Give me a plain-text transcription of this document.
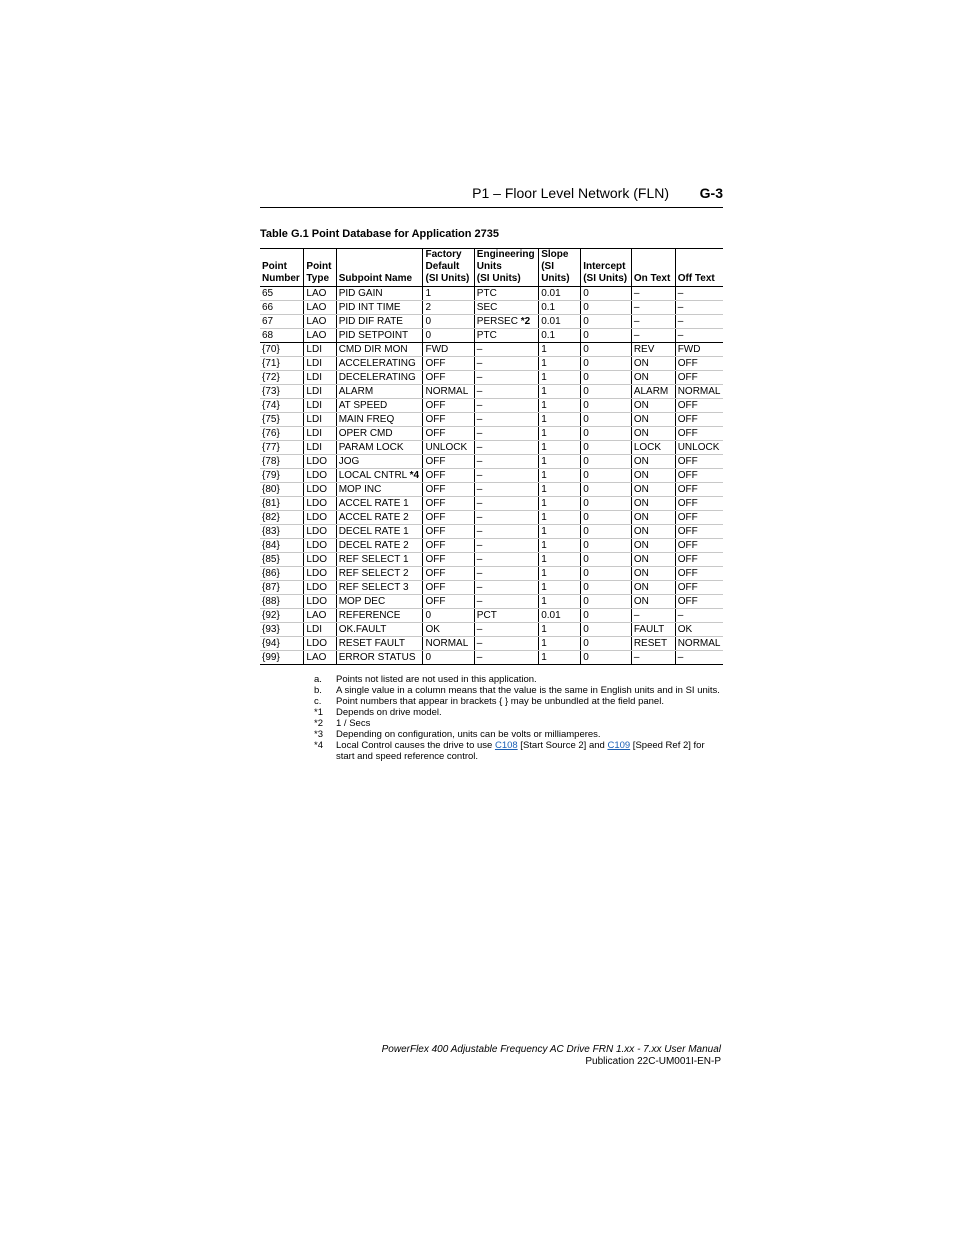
P1 – Floor Level Network (FLN) G-3
Table G.1 Point Database for Application 2735
Point
Number	Point
Type	Subpoint Name	Factory
Default
(SI Units)	Engineering
Units
(SI Units)	Slope
(SI Units)	Intercept
(SI Units)	On Text	Off Text
65	LAO	PID GAIN	1	PTC	0.01	0	–	–
66	LAO	PID INT TIME	2	SEC	0.1	0	–	–
67	LAO	PID DIF RATE	0	PERSEC *2	0.01	0	–	–
68	LAO	PID SETPOINT	0	PTC	0.1	0	–	–
{70}	LDI	CMD DIR MON	FWD	–	1	0	REV	FWD
{71}	LDI	ACCELERATING	OFF	–	1	0	ON	OFF
{72}	LDI	DECELERATING	OFF	–	1	0	ON	OFF
{73}	LDI	ALARM	NORMAL	–	1	0	ALARM	NORMAL
{74}	LDI	AT SPEED	OFF	–	1	0	ON	OFF
{75}	LDI	MAIN FREQ	OFF	–	1	0	ON	OFF
{76}	LDI	OPER CMD	OFF	–	1	0	ON	OFF
{77}	LDI	PARAM LOCK	UNLOCK	–	1	0	LOCK	UNLOCK
{78}	LDO	JOG	OFF	–	1	0	ON	OFF
{79}	LDO	LOCAL CNTRL *4	OFF	–	1	0	ON	OFF
{80}	LDO	MOP INC	OFF	–	1	0	ON	OFF
{81}	LDO	ACCEL RATE 1	OFF	–	1	0	ON	OFF
{82}	LDO	ACCEL RATE 2	OFF	–	1	0	ON	OFF
{83}	LDO	DECEL RATE 1	OFF	–	1	0	ON	OFF
{84}	LDO	DECEL RATE 2	OFF	–	1	0	ON	OFF
{85}	LDO	REF SELECT 1	OFF	–	1	0	ON	OFF
{86}	LDO	REF SELECT 2	OFF	–	1	0	ON	OFF
{87}	LDO	REF SELECT 3	OFF	–	1	0	ON	OFF
{88}	LDO	MOP DEC	OFF	–	1	0	ON	OFF
{92}	LAO	REFERENCE	0	PCT	0.01	0	–	–
{93}	LDI	OK.FAULT	OK	–	1	0	FAULT	OK
{94}	LDO	RESET FAULT	NORMAL	–	1	0	RESET	NORMAL
{99}	LAO	ERROR STATUS	0	–	1	0	–	–
a.	Points not listed are not used in this application.
b.	A single value in a column means that the value is the same in English units and in SI units.
c.	Point numbers that appear in brackets { } may be unbundled at the field panel.
*1	Depends on drive model.
*2	1 / Secs
*3	Depending on configuration, units can be volts or milliamperes.
*4	Local Control causes the drive to use C108 [Start Source 2] and C109 [Speed Ref 2] for start and speed reference control.
PowerFlex 400 Adjustable Frequency AC Drive FRN 1.xx - 7.xx User Manual
Publication 22C-UM001I-EN-P
